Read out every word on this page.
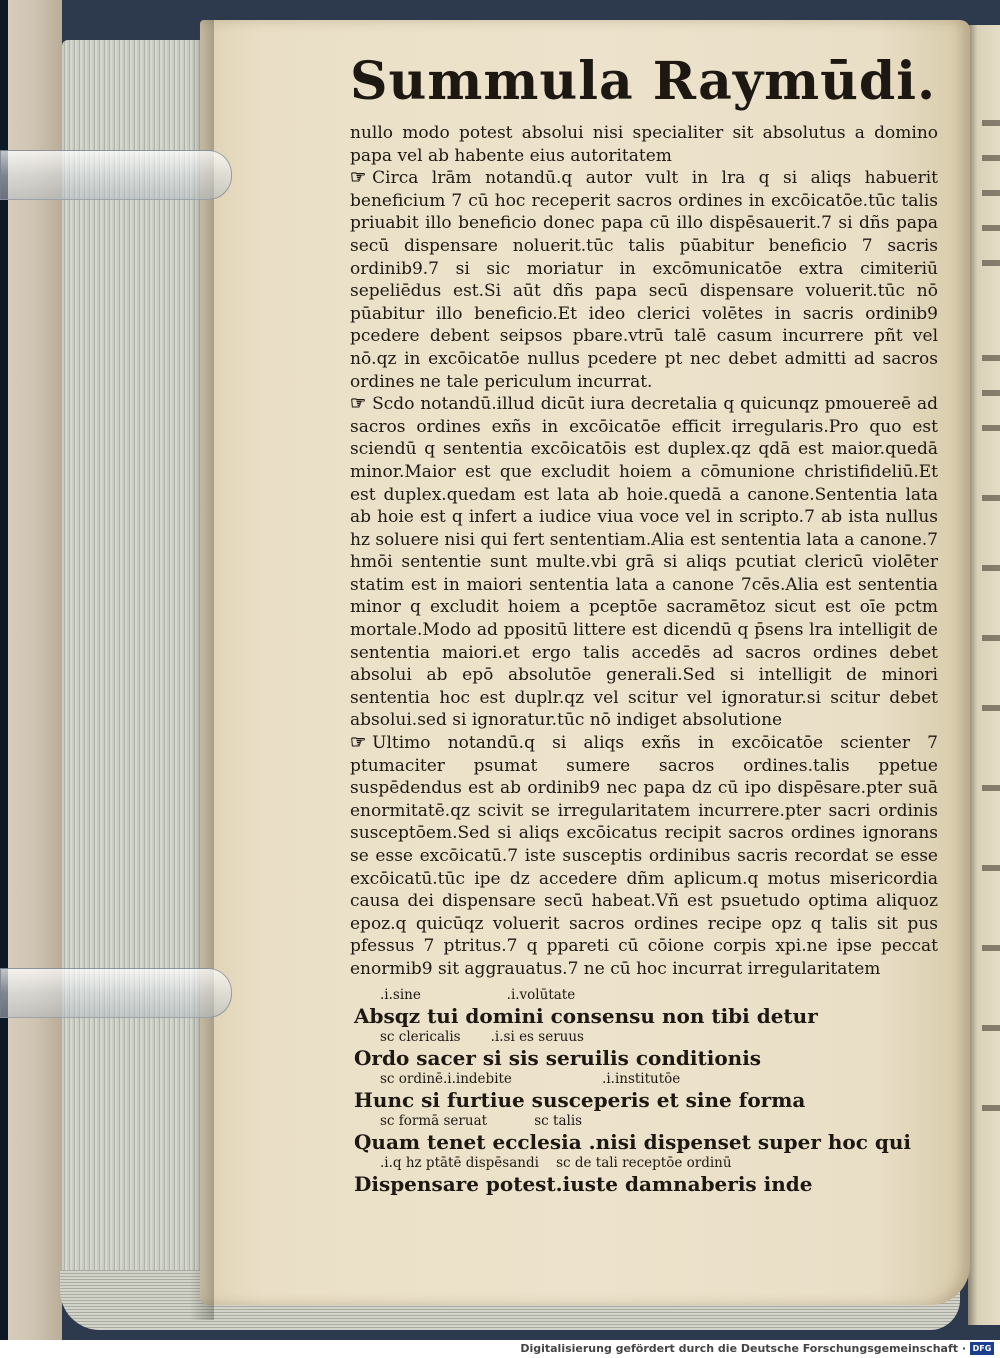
Summula Raymūdi.

nullo modo potest absolui nisi specialiter sit absolutus a domino papa vel ab habente eius autoritatem

☞ Circa lrām notandū.q autor vult in lra q si aliqs habuerit beneficium 7 cū hoc receperit sacros ordines in excōicatōe.tūc talis priuabit illo beneficio donec papa cū illo dispēsauerit.7 si dñs papa secū dispensare noluerit.tūc talis pūabitur beneficio 7 sacris ordinib9.7 si sic moriatur in excōmunicatōe extra cimiteriū sepeliēdus est.Si aūt dñs papa secū dispensare voluerit.tūc nō pūabitur illo beneficio.Et ideo clerici volētes in sacris ordinib9 pcedere debent seipsos pbare.vtrū talē casum incurrere pñt vel nō.qz in excōicatōe nullus pcedere pt nec debet admitti ad sacros ordines ne tale periculum incurrat.

☞ Scdo notandū.illud dicūt iura decretalia q quicunqz pmouereē ad sacros ordines exñs in excōicatōe efficit irregularis.Pro quo est sciendū q sententia excōicatōis est duplex.qz qdā est maior.quedā minor.Maior est que excludit hoiem a cōmunione christifideliū.Et est duplex.quedam est lata ab hoie.quedā a canone.Sententia lata ab hoie est q infert a iudice viua voce vel in scripto.7 ab ista nullus hz soluere nisi qui fert sententiam.Alia est sententia lata a canone.7 hmōi sententie sunt multe.vbi grā si aliqs pcutiat clericū violēter statim est in maiori sententia lata a canone 7cēs.Alia est sententia minor q excludit hoiem a pceptōe sacramētoz sicut est oīe pctm mortale.Modo ad ppositū littere est dicendū q p̄sens lra intelligit de sententia maiori.et ergo talis accedēs ad sacros ordines debet absolui ab epō absolutōe generali.Sed si intelligit de minori sententia hoc est duplr.qz vel scitur vel ignoratur.si scitur debet absolui.sed si ignoratur.tūc nō indiget absolutione

☞ Ultimo notandū.q si aliqs exñs in excōicatōe scienter 7 ptumaciter psumat sumere sacros ordines.talis ppetue suspēdendus est ab ordinib9 nec papa dz cū ipo dispēsare.pter suā enormitatē.qz scivit se irregularitatem incurrere.pter sacri ordinis susceptōem.Sed si aliqs excōicatus recipit sacros ordines ignorans se esse excōicatū.7 iste susceptis ordinibus sacris recordat se esse excōicatū.tūc ipe dz accedere dñm aplicum.q motus misericordia causa dei dispensare secū habeat.Vñ est psuetudo optima aliquoz epoz.q quicūqz voluerit sacros ordines recipe opz q talis sit pus pfessus 7 ptritus.7 q ppareti cū cōione corpis xpi.ne ipse peccat enormib9 sit aggrauatus.7 ne cū hoc incurrat irregularitatem

.i.sine                    .i.volūtate
Absqz tui domini consensu non tibi detur
sc clericalis       .i.si es seruus
Ordo sacer si sis seruilis conditionis
sc ordinē.i.indebite                     .i.institutōe
Hunc si furtiue susceperis et sine forma
sc formā seruat           sc talis
Quam tenet ecclesia .nisi dispenset super hoc qui
.i.q hz ptātē dispēsandi    sc de tali receptōe ordinū
Dispensare potest.iuste damnaberis inde
Digitalisierung gefördert durch die Deutsche Forschungsgemeinschaft · DFG
